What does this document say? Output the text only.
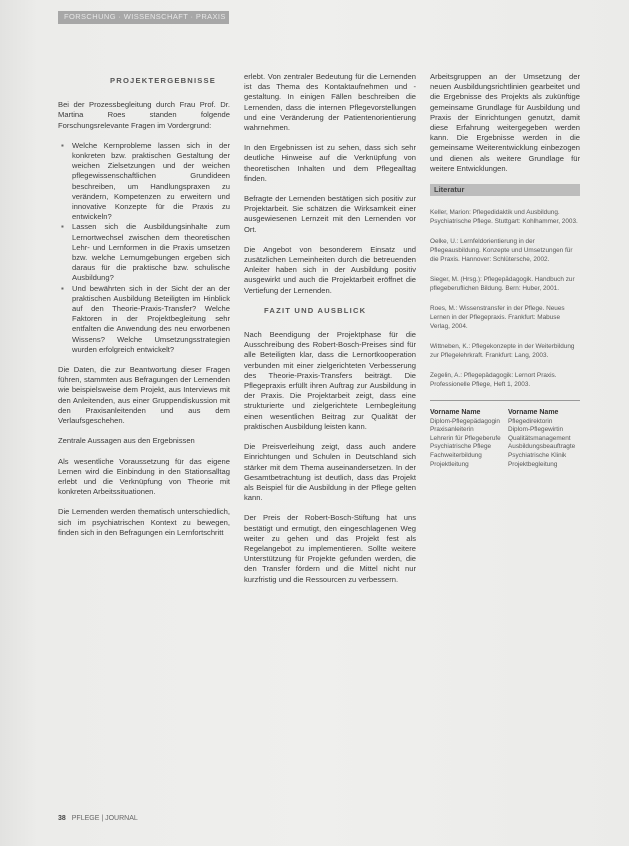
FORSCHUNG · WISSENSCHAFT · PRAXIS
PROJEKTERGEBNISSE

Bei der Prozessbegleitung durch Frau Prof. Dr. Martina Roes standen folgende Forschungsrelevante Fragen im Vordergrund:

▪ Welche Kernprobleme lassen sich in der konkreten bzw. praktischen Gestaltung der weichen Zielsetzungen und der weichen pflegewissenschaftlichen Grundideen beschreiben, um Handlungspraxen zu verändern, Kompetenzen zu erweitern und innovative Konzepte für die Praxis zu entwickeln?
▪ Lassen sich die Ausbildungsinhalte zum Lernortwechsel zwischen dem theoretischen Lehr- und Lernformen in die Praxis umsetzen bzw. welche Lernumgebungen ergeben sich daraus für die praktische bzw. schulische Ausbildung?
▪ Und bewährten sich in der Sicht der an der praktischen Ausbildung Beteiligten im Hinblick auf den Theorie-Praxis-Transfer? Welche Faktoren in der Projektbegleitung sehr entfalten die Anwendung des neu erworbenen Wissens? Welche Umsetzungsstrategien wurden erfolgreich entwickelt?

Die Daten, die zur Beantwortung dieser Fragen führen, stammten aus Befragungen der Lernenden wie beispielsweise dem Projekt, aus Interviews mit den Anleitenden, aus einer Gruppendiskussion mit den Praxisanleitenden und aus dem Verlaufsgeschehen.

Zentrale Aussagen aus den Ergebnissen

Als wesentliche Voraussetzung für das eigene Lernen wird die Einbindung in den Stationsalltag erlebt und die Verknüpfung von Theorie mit konkreten Arbeitssituationen.

Die Lernenden werden thematisch unterschiedlich, sich im psychiatrischen Kontext zu bewegen, finden sich in den Befragungen ein Lernfortschritt

erlebt. Von zentraler Bedeutung für die Lernenden ist das Thema des Kontaktaufnehmen und -gestaltung. In einigen Fällen beschreiben die Lernenden, dass die internen Pflegevorstellungen und eine Veränderung der Patientenorientierung wahrnehmen.

In den Ergebnissen ist zu sehen, dass sich sehr deutliche Hinweise auf die Verknüpfung von theoretischen Inhalten und dem Pflegealltag finden.

Befragte der Lernenden bestätigen sich positiv zur Projektarbeit. Sie schätzen die Wirksamkeit einer ausgewiesenen Lernzeit mit den Lernenden vor Ort.

Die Angebot von besonderem Einsatz und zusätzlichen Lerneinheiten durch die betreuenden Anleiter haben sich in der Ausbildung positiv ausgewirkt und auch die Projektarbeit eröffnet die Vertiefung der Lernenden.

FAZIT UND AUSBLICK

Nach Beendigung der Projektphase für die Ausschreibung des Robert-Bosch-Preises sind für alle Beteiligten klar, dass die Lernortkooperation verbunden mit einer zielgerichteten Verbesserung des Theorie-Praxis-Transfers beiträgt. Die Pflegepraxis erfüllt ihren Auftrag zur Ausbildung in der Praxis. Die Projektarbeit zeigt, dass eine strukturierte und zielgerichtete Lernbegleitung einen wesentlichen Beitrag zur Qualität der praktischen Ausbildung leisten kann.

Die Preisverleihung zeigt, dass auch andere Einrichtungen und Schulen in Deutschland sich stärker mit dem Thema auseinandersetzen. In der Gesamtbetrachtung ist deutlich, dass das Projekt als Beispiel für die Ausbildung in der Pflege gelten kann.

Der Preis der Robert-Bosch-Stiftung hat uns bestätigt und ermutigt, den eingeschlagenen Weg weiter zu gehen und das Projekt fest als Regelangebot zu implementieren. Sollte weitere Unterstützung für Projekte gefunden werden, die den Transfer fördern und die Mittel nicht nur kurzfristig und die Ressourcen zu verbessern.

Arbeitsgruppen an der Umsetzung der neuen Ausbildungsrichtlinien gearbeitet und die Ergebnisse des Projekts als zukünftige gemeinsame Grundlage für Ausbildung und Praxis der Einrichtungen genutzt, damit diese Erfahrung weitergegeben werden kann. Die Ergebnisse werden in die gemeinsame Weiterentwicklung einbezogen und dienen als weitere Grundlage für weitere Entwicklungen.

Literatur
Keller, Marion: Pflegedidaktik und Ausbildung. Psychiatrische Pflege. Stuttgart: Kohlhammer, 2003.
Oelke, U.: Lernfeldorientierung in der Pflegeausbildung. Konzepte und Umsetzungen für die Praxis. Hannover: Schlütersche, 2002.
Sieger, M. (Hrsg.): Pflegepädagogik. Handbuch zur pflegeberuflichen Bildung. Bern: Huber, 2001.
Roes, M.: Wissenstransfer in der Pflege. Neues Lernen in der Pflegepraxis. Frankfurt: Mabuse Verlag, 2004.
Wittneben, K.: Pflegekonzepte in der Weiterbildung zur Pflegelehrkraft. Frankfurt: Lang, 2003.
Zegelin, A.: Pflegepädagogik: Lernort Praxis. Professionelle Pflege, Heft 1, 2003.
Vorname Name
Diplom-Pflegepädagogin
Praxisanleiterin
Lehrerin für Pflegeberufe
Psychiatrische Pflege
Fachweiterbildung
Projektleitung
Vorname Name
Pflegedirektorin
Diplom-Pflegewirtin
Qualitätsmanagement
Ausbildungsbeauftragte
Psychiatrische Klinik
Projektbegleitung
38 PFLEGE | JOURNAL
